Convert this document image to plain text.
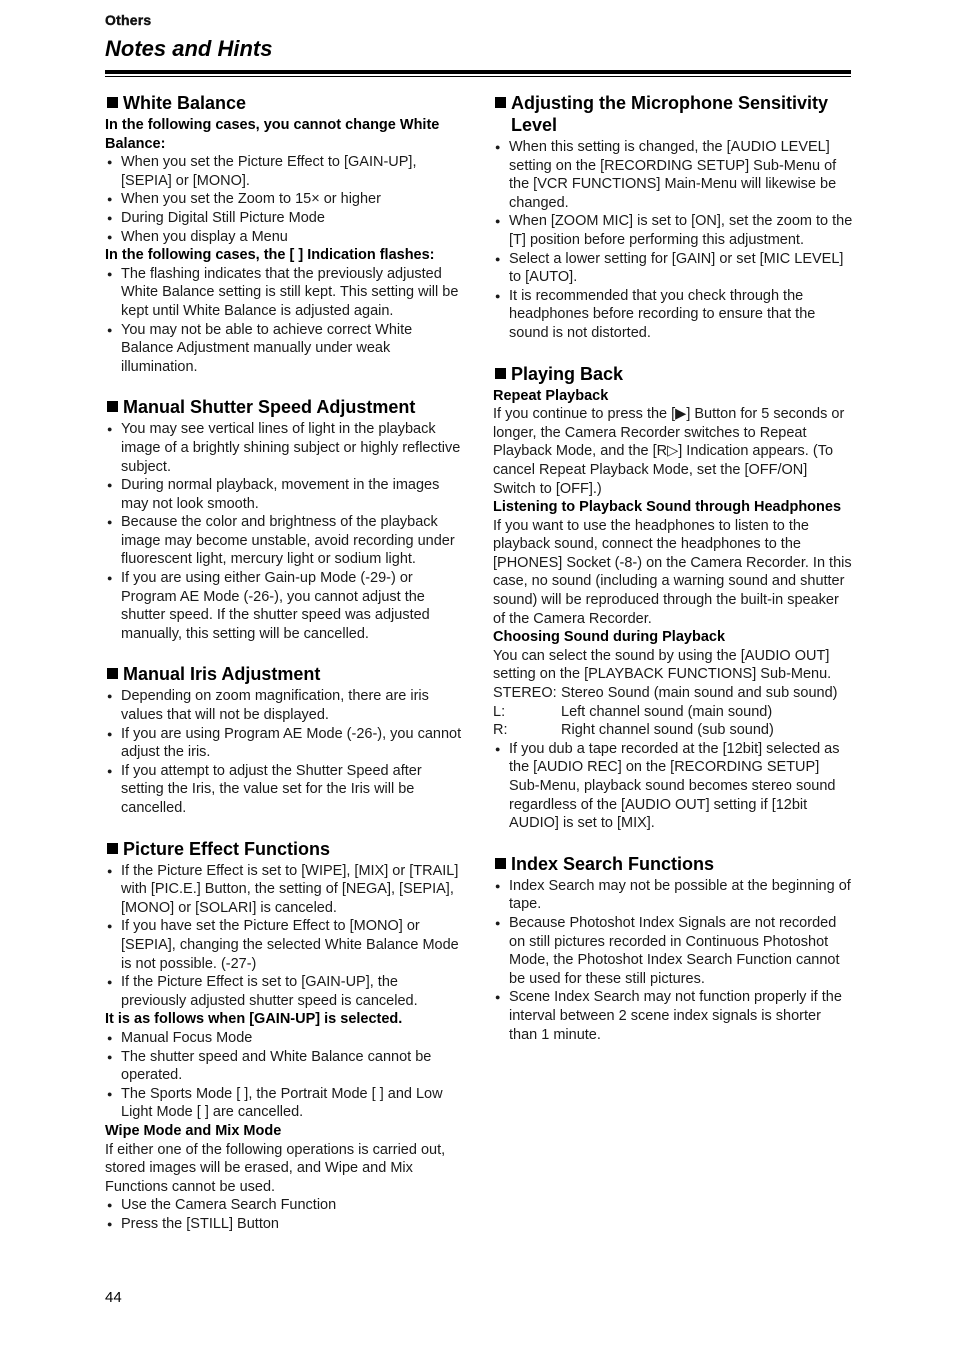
Others
Notes and Hints
White Balance

In the following cases, you cannot change White Balance:

● When you set the Picture Effect to [GAIN-UP], [SEPIA] or [MONO].

● When you set the Zoom to 15× or higher

● During Digital Still Picture Mode

● When you display a Menu

In the following cases, the [ ] Indication flashes:

● The flashing indicates that the previously adjusted White Balance setting is still kept. This setting will be kept until White Balance is adjusted again.

● You may not be able to achieve correct White Balance Adjustment manually under weak illumination.

Manual Shutter Speed Adjustment

● You may see vertical lines of light in the playback image of a brightly shining subject or highly reflective subject.

● During normal playback, movement in the images may not look smooth.

● Because the color and brightness of the playback image may become unstable, avoid recording under fluorescent light, mercury light or sodium light.

● If you are using either Gain-up Mode (-29-) or Program AE Mode (-26-), you cannot adjust the shutter speed. If the shutter speed was adjusted manually, this setting will be cancelled.

Manual Iris Adjustment

● Depending on zoom magnification, there are iris values that will not be displayed.

● If you are using Program AE Mode (-26-), you cannot adjust the iris.

● If you attempt to adjust the Shutter Speed after setting the Iris, the value set for the Iris will be cancelled.

Picture Effect Functions

● If the Picture Effect is set to [WIPE], [MIX] or [TRAIL] with [PIC.E.] Button, the setting of [NEGA], [SEPIA], [MONO] or [SOLARI] is canceled.

● If you have set the Picture Effect to [MONO] or [SEPIA], changing the selected White Balance Mode is not possible. (-27-)

● If the Picture Effect is set to [GAIN-UP], the previously adjusted shutter speed is canceled.

It is as follows when [GAIN-UP] is selected.

● Manual Focus Mode

● The shutter speed and White Balance cannot be operated.

● The Sports Mode [ ], the Portrait Mode [ ] and Low Light Mode [ ] are cancelled.

Wipe Mode and Mix Mode

If either one of the following operations is carried out, stored images will be erased, and Wipe and Mix Functions cannot be used.

● Use the Camera Search Function

● Press the [STILL] Button

Adjusting the Microphone Sensitivity Level

● When this setting is changed, the [AUDIO LEVEL] setting on the [RECORDING SETUP] Sub-Menu of the [VCR FUNCTIONS] Main-Menu will likewise be changed.

● When [ZOOM MIC] is set to [ON], set the zoom to the [T] position before performing this adjustment.

● Select a lower setting for [GAIN] or set [MIC LEVEL] to [AUTO].

● It is recommended that you check through the headphones before recording to ensure that the sound is not distorted.

Playing Back

Repeat Playback

If you continue to press the [▶] Button for 5 seconds or longer, the Camera Recorder switches to Repeat Playback Mode, and the [R▷] Indication appears. (To cancel Repeat Playback Mode, set the [OFF/ON] Switch to [OFF].)

Listening to Playback Sound through Headphones

If you want to use the headphones to listen to the playback sound, connect the headphones to the [PHONES] Socket (-8-) on the Camera Recorder. In this case, no sound (including a warning sound and shutter sound) will be reproduced through the built-in speaker of the Camera Recorder.

Choosing Sound during Playback

You can select the sound by using the [AUDIO OUT] setting on the [PLAYBACK FUNCTIONS] Sub-Menu.

STEREO: Stereo Sound (main sound and sub sound)
L:	Left channel sound (main sound)
R:	Right channel sound (sub sound)

● If you dub a tape recorded at the [12bit] selected as the [AUDIO REC] on the [RECORDING SETUP] Sub-Menu, playback sound becomes stereo sound regardless of the [AUDIO OUT] setting if [12bit AUDIO] is set to [MIX].

Index Search Functions

● Index Search may not be possible at the beginning of tape.

● Because Photoshot Index Signals are not recorded on still pictures recorded in Continuous Photoshot Mode, the Photoshot Index Search Function cannot be used for these still pictures.

● Scene Index Search may not function properly if the interval between 2 scene index signals is shorter than 1 minute.

44
